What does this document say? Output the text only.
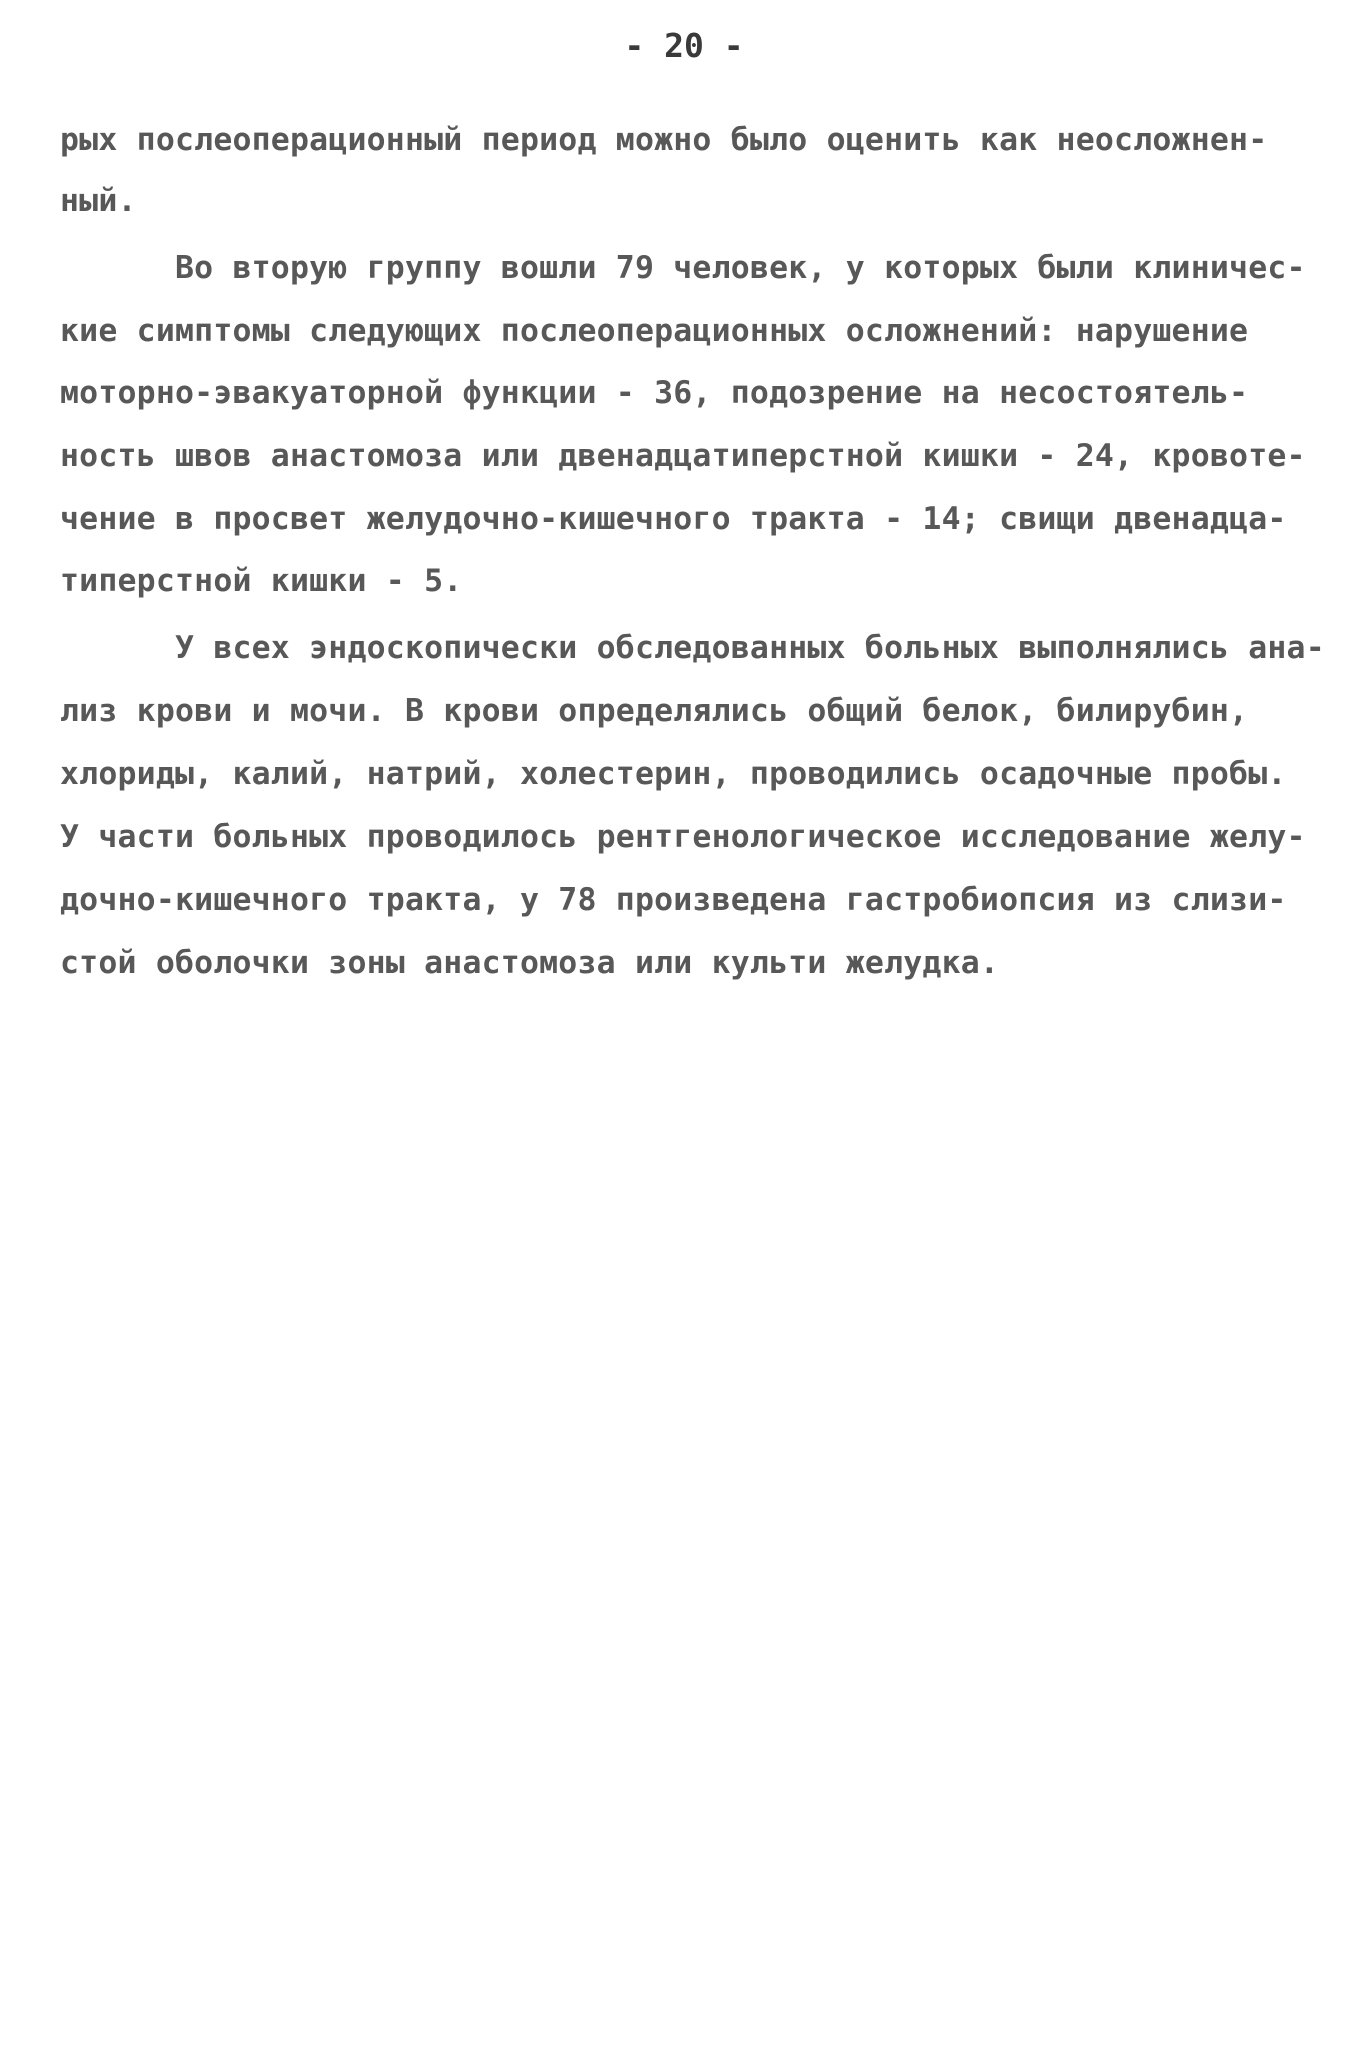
- 20 -
рых послеоперационный период можно было оценить как неосложнен-
ный.
Во вторую группу вошли 79 человек, у которых были клиничес-
кие симптомы следующих послеоперационных осложнений: нарушение
моторно-эвакуаторной функции - 36, подозрение на несостоятель-
ность швов анастомоза или двенадцатиперстной кишки - 24, кровоте-
чение в просвет желудочно-кишечного тракта - 14; свищи двенадца-
типерстной кишки - 5.
У всех эндоскопически обследованных больных выполнялись ана-
лиз крови и мочи. В крови определялись общий белок, билирубин,
хлориды, калий, натрий, холестерин, проводились осадочные пробы.
У части больных проводилось рентгенологическое исследование желу-
дочно-кишечного тракта, у 78 произведена гастробиопсия из слизи-
стой оболочки зоны анастомоза или культи желудка.
